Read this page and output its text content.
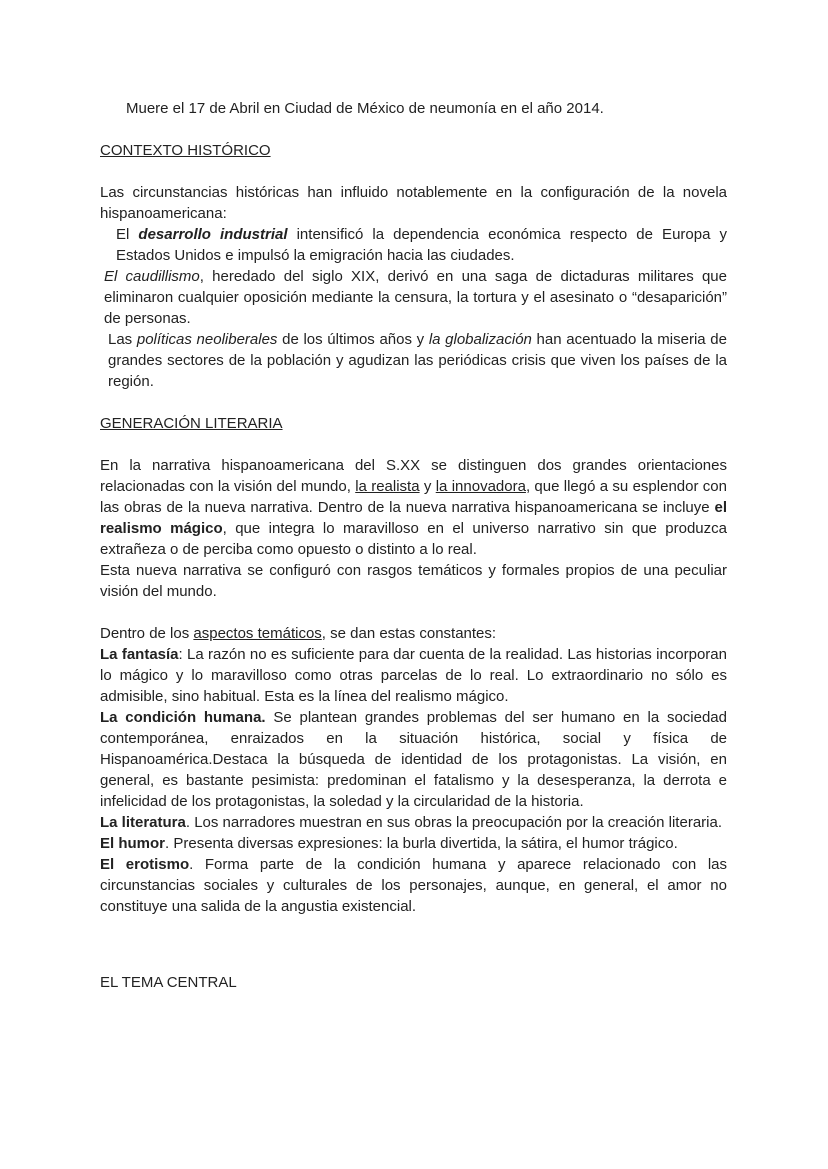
Muere el 17 de Abril en Ciudad de México de neumonía en el año 2014.

CONTEXTO HISTÓRICO

Las circunstancias históricas han influido notablemente en la configuración de la novela hispanoamericana:

El desarrollo industrial intensificó la dependencia económica respecto de Europa y Estados Unidos e impulsó la emigración hacia las ciudades.

El caudillismo, heredado del siglo XIX, derivó en una saga de dictaduras militares que eliminaron cualquier oposición mediante la censura, la tortura y el asesinato o “desaparición” de personas.

Las políticas neoliberales de los últimos años y la globalización han acentuado la miseria de grandes sectores de la población y agudizan las periódicas crisis que viven los países de la región.

GENERACIÓN LITERARIA

En la narrativa hispanoamericana del S.XX se distinguen dos grandes orientaciones relacionadas con la visión del mundo, la realista y la innovadora, que llegó a su esplendor con las obras de la nueva narrativa. Dentro de la nueva narrativa hispanoamericana se incluye el realismo mágico, que integra lo maravilloso en el universo narrativo sin que produzca extrañeza o de perciba como opuesto o distinto a lo real.

Esta nueva narrativa se configuró con rasgos temáticos y formales propios de una peculiar visión del mundo.

Dentro de los aspectos temáticos, se dan estas constantes:

La fantasía: La razón no es suficiente para dar cuenta de la realidad. Las historias incorporan lo mágico y lo maravilloso como otras parcelas de lo real. Lo extraordinario no sólo es admisible, sino habitual. Esta es la línea del realismo mágico.

La condición humana. Se plantean grandes problemas del ser humano en la sociedad contemporánea, enraizados en la situación histórica, social y física de Hispanoamérica.Destaca la búsqueda de identidad de los protagonistas. La visión, en general, es bastante pesimista: predominan el fatalismo y la desesperanza, la derrota e infelicidad de los protagonistas, la soledad y la circularidad de la historia.

La literatura. Los narradores muestran en sus obras la preocupación por la creación literaria.

El humor. Presenta diversas expresiones: la burla divertida, la sátira, el humor trágico.

El erotismo. Forma parte de la condición humana y aparece relacionado con las circunstancias sociales y culturales de los personajes, aunque, en general, el amor no constituye una salida de la angustia existencial.

EL TEMA CENTRAL
